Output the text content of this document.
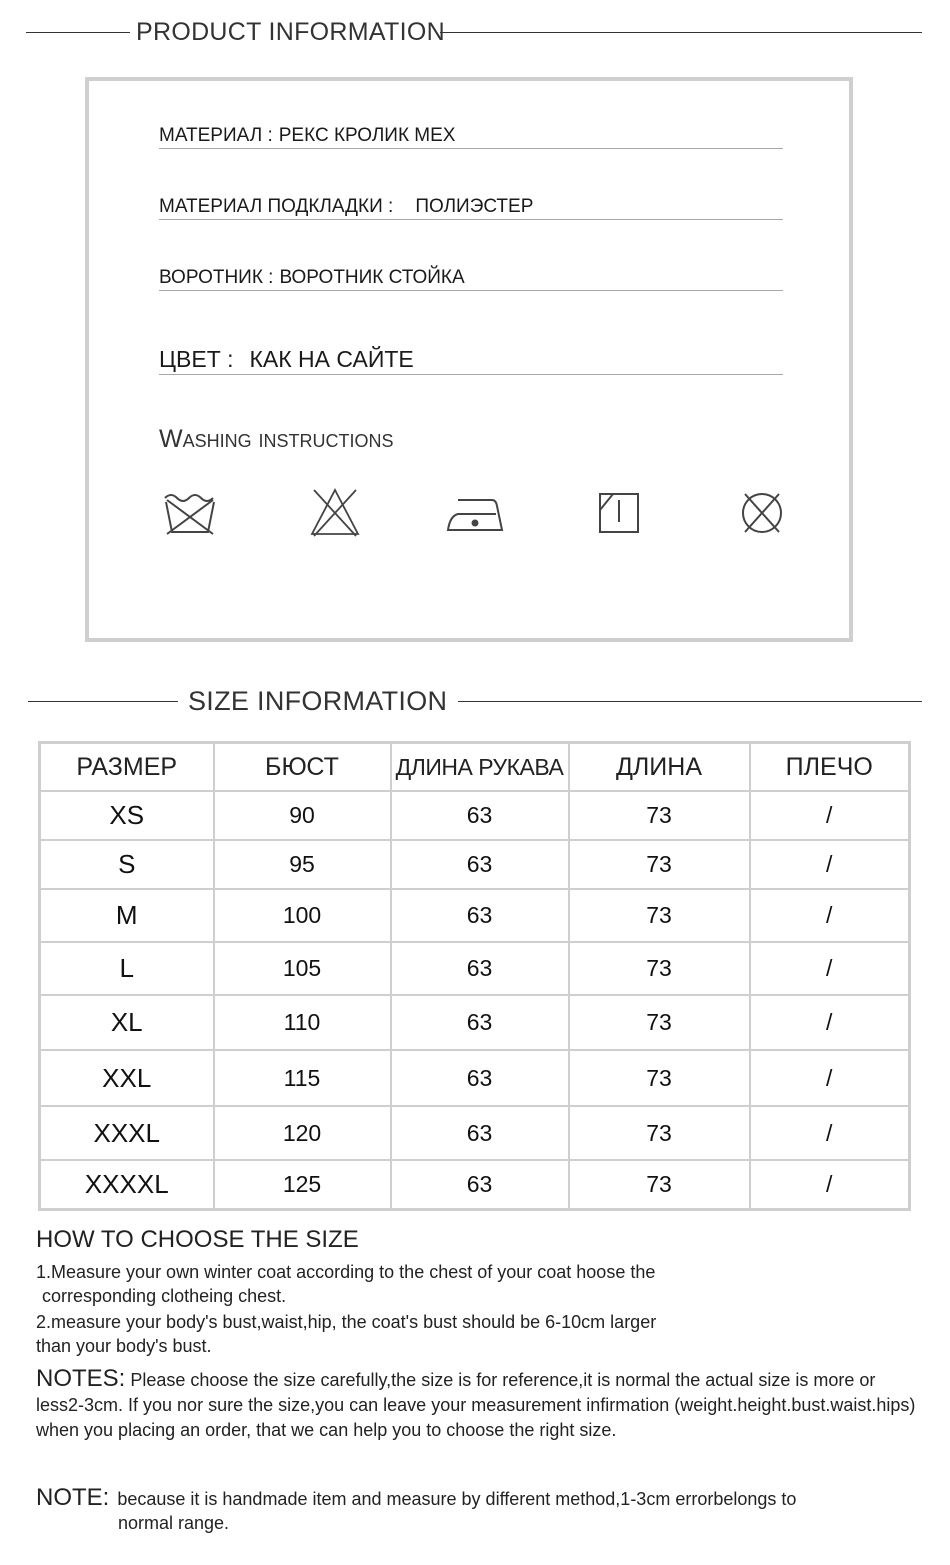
PRODUCT INFORMATION
МАТЕРИАЛ : РЕКС КРОЛИК МЕХ
МАТЕРИАЛ ПОДКЛАДКИ : ПОЛИЭСТЕР
ВОРОТНИК : ВОРОТНИК СТОЙКА
ЦВЕТ : КАК НА САЙТЕ
Washing instructions
SIZE INFORMATION
РАЗМЕР	БЮСТ	ДЛИНА РУКАВА	ДЛИНА	ПЛЕЧО
XS	90	63	73	/
S	95	63	73	/
M	100	63	73	/
L	105	63	73	/
XL	110	63	73	/
XXL	115	63	73	/
XXXL	120	63	73	/
XXXXL	125	63	73	/
HOW TO CHOOSE THE SIZE
1.Measure your own winter coat according to the chest of your coat hoose the
corresponding clotheing chest.
2.measure your body's bust,waist,hip, the coat's bust should be 6-10cm larger
than your body's bust.
NOTES: Please choose the size carefully,the size is for reference,it is normal the actual size is more or less2-3cm. If you nor sure the size,you can leave your measurement infirmation (weight.height.bust.waist.hips) when you placing an order, that we can help you to choose the right size.
NOTE: because it is handmade item and measure by different method,1-3cm errorbelongs to
normal range.
